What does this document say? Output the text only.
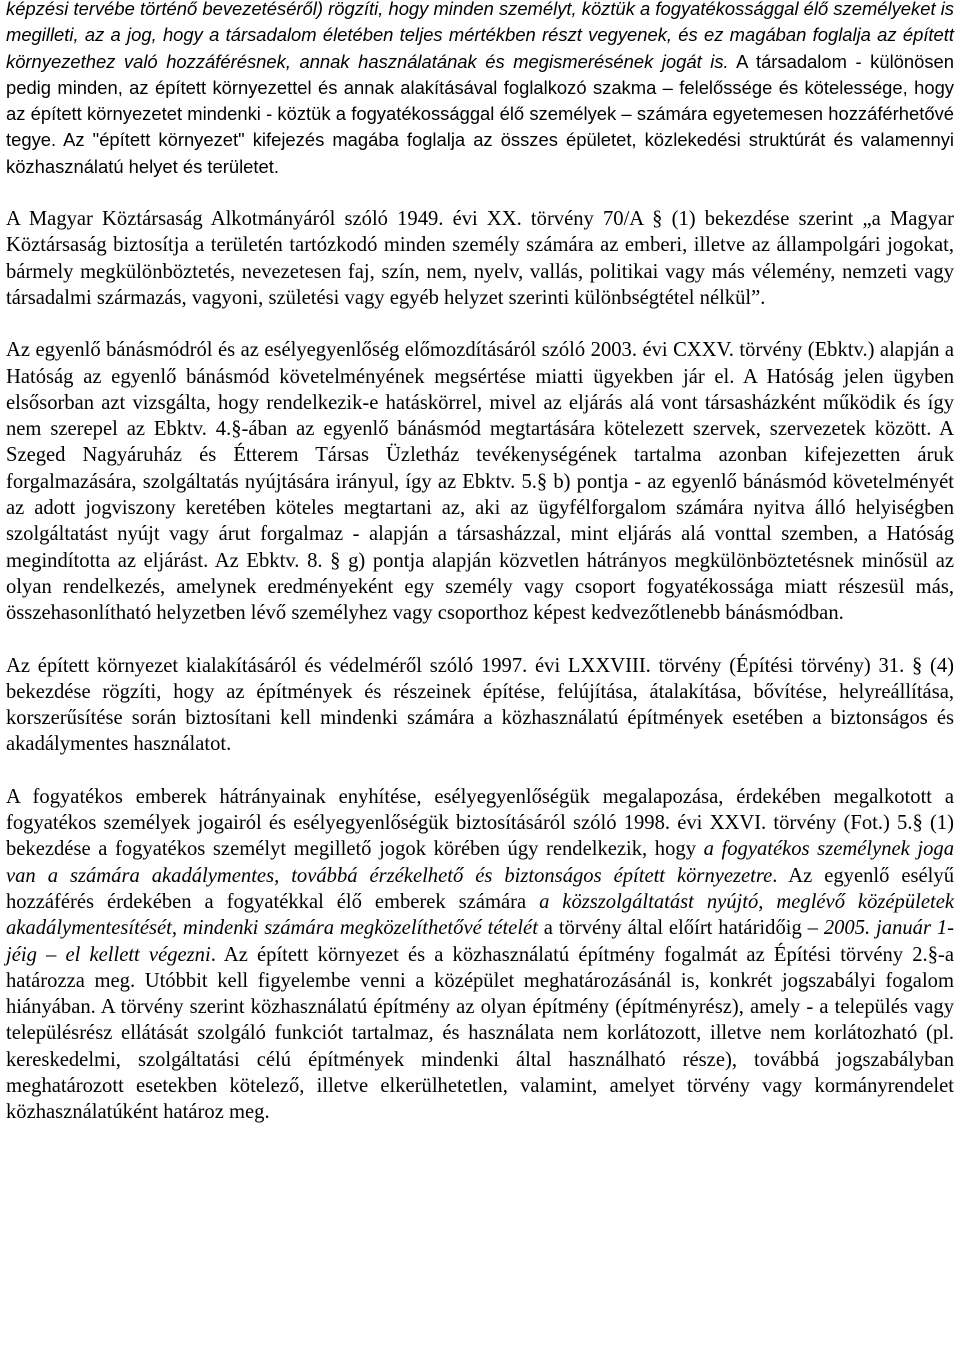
képzési tervébe történő bevezetéséről) rögzíti, hogy minden személyt, köztük a fogyatékossággal élő személyeket is megilleti, az a jog, hogy a társadalom életében teljes mértékben részt vegyenek, és ez magában foglalja az épített környezethez való hozzáférésnek, annak használatának és megismerésének jogát is. A társadalom - különösen pedig minden, az épített környezettel és annak alakításával foglalkozó szakma – felelőssége és kötelessége, hogy az épített környezetet mindenki - köztük a fogyatékossággal élő személyek – számára egyetemesen hozzáférhetővé tegye. Az "épített környezet" kifejezés magába foglalja az összes épületet, közlekedési struktúrát és valamennyi közhasználatú helyet és területet.

A Magyar Köztársaság Alkotmányáról szóló 1949. évi XX. törvény 70/A § (1) bekezdése szerint „a Magyar Köztársaság biztosítja a területén tartózkodó minden személy számára az emberi, illetve az állampolgári jogokat, bármely megkülönböztetés, nevezetesen faj, szín, nem, nyelv, vallás, politikai vagy más vélemény, nemzeti vagy társadalmi származás, vagyoni, születési vagy egyéb helyzet szerinti különbségtétel nélkül”.

Az egyenlő bánásmódról és az esélyegyenlőség előmozdításáról szóló 2003. évi CXXV. törvény (Ebktv.) alapján a Hatóság az egyenlő bánásmód követelményének megsértése miatti ügyekben jár el. A Hatóság jelen ügyben elsősorban azt vizsgálta, hogy rendelkezik-e hatáskörrel, mivel az eljárás alá vont társasházként működik és így nem szerepel az Ebktv. 4.§-ában az egyenlő bánásmód megtartására kötelezett szervek, szervezetek között. A Szeged Nagyáruház és Étterem Társas Üzletház tevékenységének tartalma azonban kifejezetten áruk forgalmazására, szolgáltatás nyújtására irányul, így az Ebktv. 5.§ b) pontja - az egyenlő bánásmód követelményét az adott jogviszony keretében köteles megtartani az, aki az ügyfélforgalom számára nyitva álló helyiségben szolgáltatást nyújt vagy árut forgalmaz - alapján a társasházzal, mint eljárás alá vonttal szemben, a Hatóság megindította az eljárást. Az Ebktv. 8. § g) pontja alapján közvetlen hátrányos megkülönböztetésnek minősül az olyan rendelkezés, amelynek eredményeként egy személy vagy csoport fogyatékossága miatt részesül más, összehasonlítható helyzetben lévő személyhez vagy csoporthoz képest kedvezőtlenebb bánásmódban.

Az épített környezet kialakításáról és védelméről szóló 1997. évi LXXVIII. törvény (Építési törvény) 31. § (4) bekezdése rögzíti, hogy az építmények és részeinek építése, felújítása, átalakítása, bővítése, helyreállítása, korszerűsítése során biztosítani kell mindenki számára a közhasználatú építmények esetében a biztonságos és akadálymentes használatot.

A fogyatékos emberek hátrányainak enyhítése, esélyegyenlőségük megalapozása, érdekében megalkotott a fogyatékos személyek jogairól és esélyegyenlőségük biztosításáról szóló 1998. évi XXVI. törvény (Fot.) 5.§ (1) bekezdése a fogyatékos személyt megillető jogok körében úgy rendelkezik, hogy a fogyatékos személynek joga van a számára akadálymentes, továbbá érzékelhető és biztonságos épített környezetre. Az egyenlő esélyű hozzáférés érdekében a fogyatékkal élő emberek számára a közszolgáltatást nyújtó, meglévő középületek akadálymentesítését, mindenki számára megközelíthetővé tételét a törvény által előírt határidőig – 2005. január 1-jéig – el kellett végezni. Az épített környezet és a közhasználatú építmény fogalmát az Építési törvény 2.§-a határozza meg. Utóbbit kell figyelembe venni a középület meghatározásánál is, konkrét jogszabályi fogalom hiányában. A törvény szerint közhasználatú építmény az olyan építmény (építményrész), amely - a település vagy településrész ellátását szolgáló funkciót tartalmaz, és használata nem korlátozott, illetve nem korlátozható (pl. kereskedelmi, szolgáltatási célú építmények mindenki által használható része), továbbá jogszabályban meghatározott esetekben kötelező, illetve elkerülhetetlen, valamint, amelyet törvény vagy kormányrendelet közhasználatúként határoz meg.
